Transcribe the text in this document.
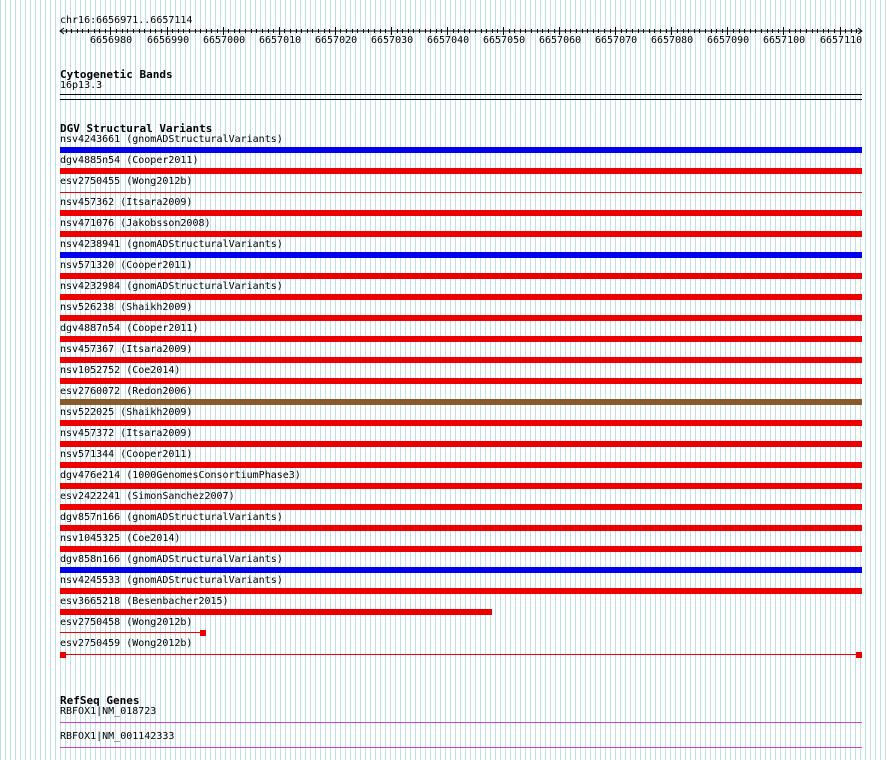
chr16:6656971..6657114
6656980 6656990 6657000 6657010 6657020 6657030 6657040 6657050 6657060 6657070 6657080 6657090 6657100 6657110
Cytogenetic Bands
16p13.3
DGV Structural Variants
nsv4243661 (gnomADStructuralVariants)
dgv4885n54 (Cooper2011)
esv2750455 (Wong2012b)
nsv457362 (Itsara2009)
nsv471076 (Jakobsson2008)
nsv4238941 (gnomADStructuralVariants)
nsv571320 (Cooper2011)
nsv4232984 (gnomADStructuralVariants)
nsv526238 (Shaikh2009)
dgv4887n54 (Cooper2011)
nsv457367 (Itsara2009)
nsv1052752 (Coe2014)
esv2760072 (Redon2006)
nsv522025 (Shaikh2009)
nsv457372 (Itsara2009)
nsv571344 (Cooper2011)
dgv476e214 (1000GenomesConsortiumPhase3)
esv2422241 (SimonSanchez2007)
dgv857n166 (gnomADStructuralVariants)
nsv1045325 (Coe2014)
dgv858n166 (gnomADStructuralVariants)
nsv4245533 (gnomADStructuralVariants)
esv3665218 (Besenbacher2015)
esv2750458 (Wong2012b)
esv2750459 (Wong2012b)
RefSeq Genes
RBFOX1|NM_018723
RBFOX1|NM_001142333
